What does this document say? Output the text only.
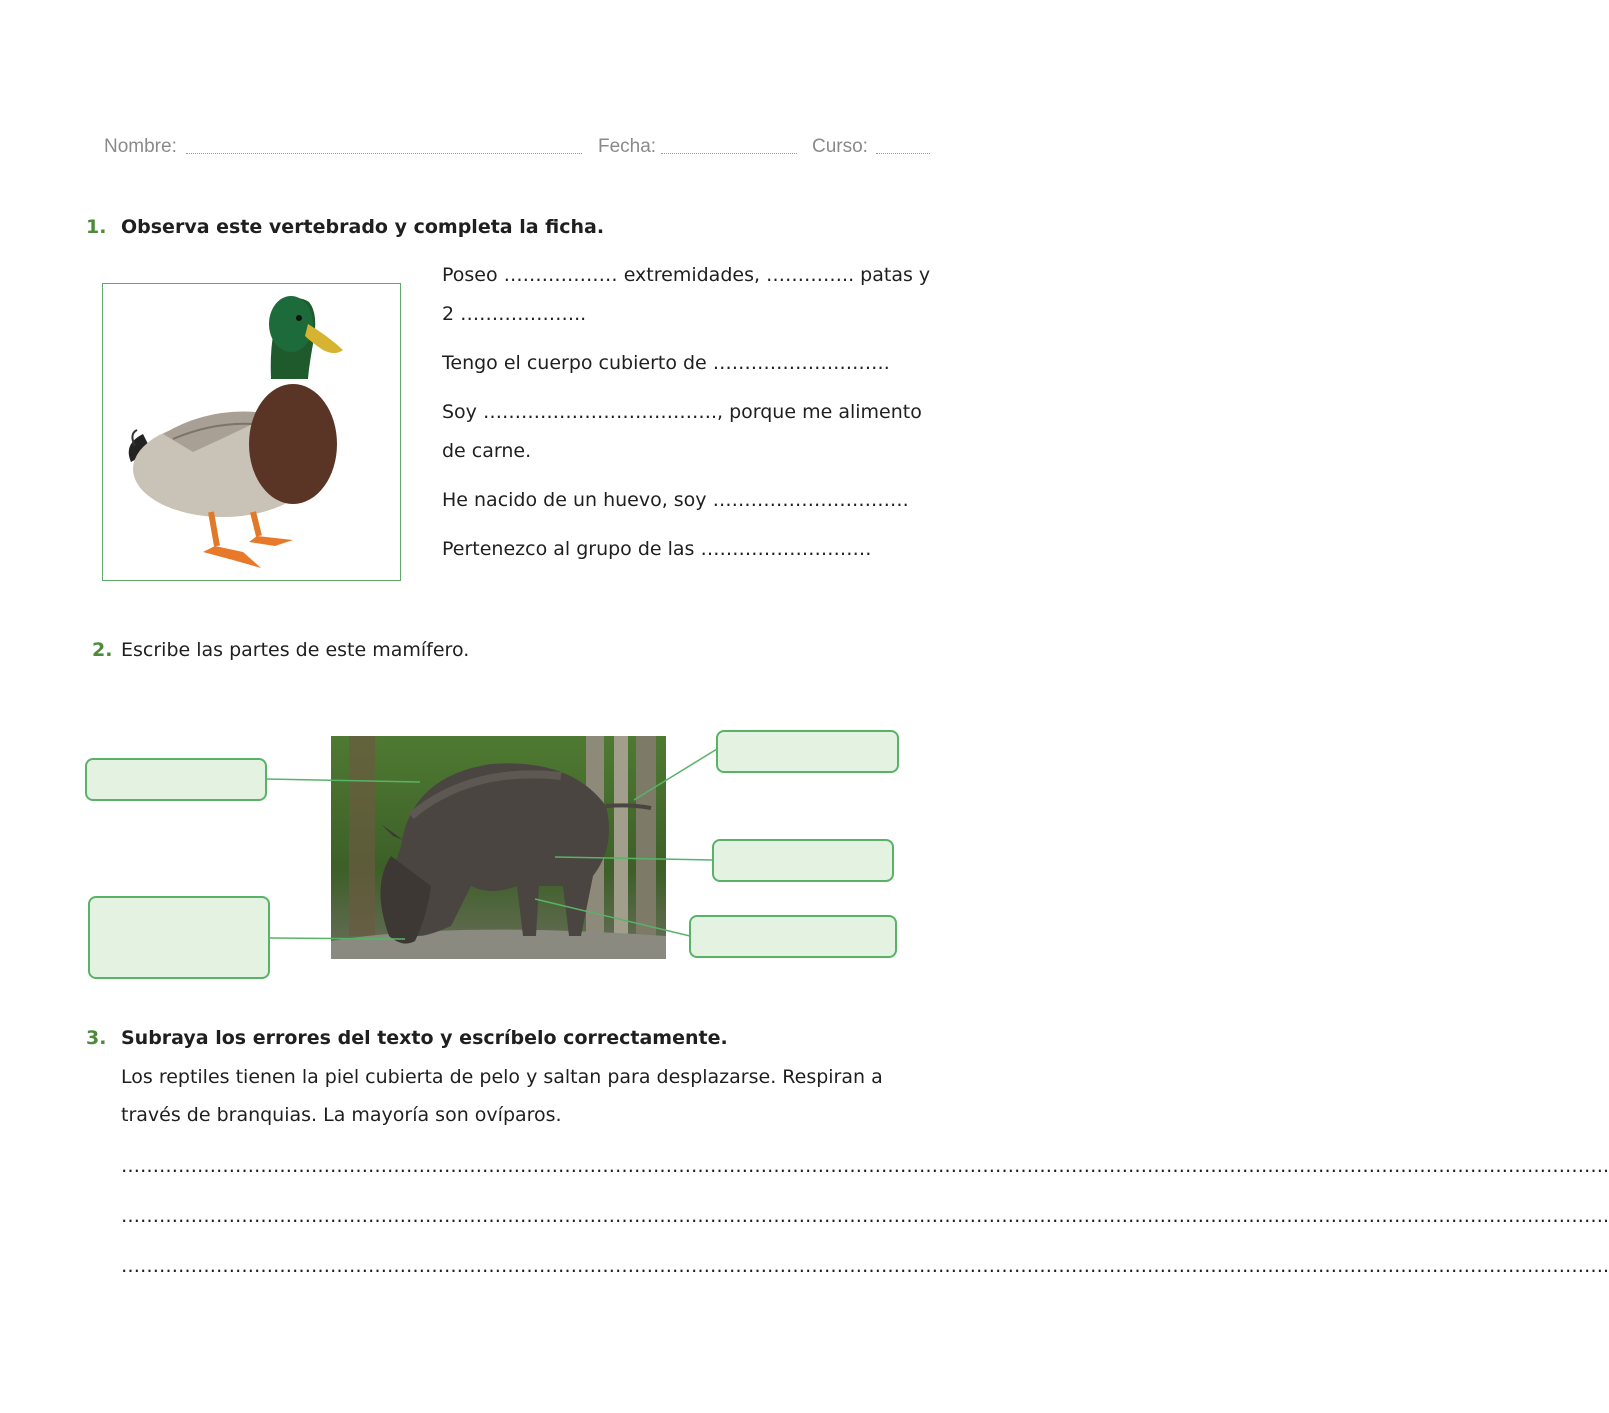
Nombre:	Fecha:	Curso:
1. Observa este vertebrado y completa la ficha.
Poseo ……………… extremidades, ………….. patas y 2 ………………..
Tengo el cuerpo cubierto de ……………………….
Soy ………………………………., porque me alimento de carne.
He nacido de un huevo, soy ………………………….
Pertenezco al grupo de las ………………………
2. Escribe las partes de este mamífero.
3. Subraya los errores del texto y escríbelo correctamente.
Los reptiles tienen la piel cubierta de pelo y saltan para desplazarse. Respiran a través de branquias. La mayoría son ovíparos.
……………………………………………………………………………………………………………………………………………………………………………………………………………….
……………………………………………………………………………………………………………………………………………………………………………………………………………….
……………………………………………………………………………………………………………………………………………………………………………………………………………….
